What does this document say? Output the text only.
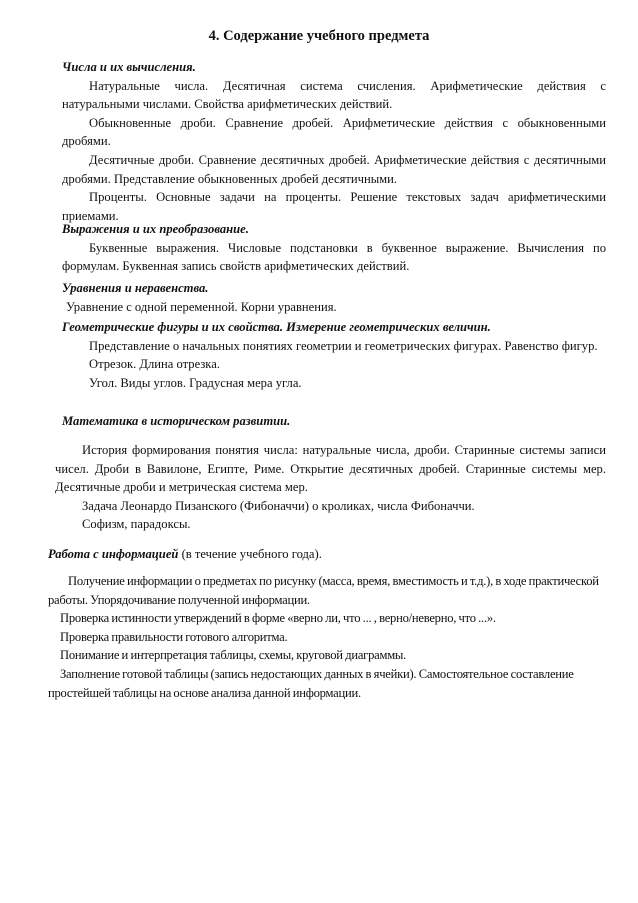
4. Содержание учебного предмета
Числа и их вычисления.
Натуральные числа. Десятичная система счисления. Арифметические действия с натуральными числами. Свойства арифметических действий.
Обыкновенные дроби. Сравнение дробей. Арифметические действия с обыкновенными дробями.
Десятичные дроби. Сравнение десятичных дробей. Арифметические действия с десятичными дробями. Представление обыкновенных дробей десятичными.
Проценты. Основные задачи на проценты. Решение текстовых задач арифметическими приемами.
Выражения и их преобразование.
Буквенные выражения. Числовые подстановки в буквенное выражение. Вычисления по формулам. Буквенная запись свойств арифметических действий.
Уравнения и неравенства.
Уравнение с одной переменной. Корни уравнения.
Геометрические фигуры и их свойства. Измерение геометрических величин.
Представление о начальных понятиях геометрии и геометрических фигурах. Равенство фигур.
Отрезок. Длина отрезка.
Угол. Виды углов. Градусная мера угла.
Математика в историческом развитии.
История формирования понятия числа: натуральные числа, дроби. Старинные системы записи чисел. Дроби в Вавилоне, Египте, Риме. Открытие десятичных дробей. Старинные системы мер. Десятичные дроби и метрическая система мер.
Задача Леонардо Пизанского (Фибоначчи) о кроликах, числа Фибоначчи.
Софизм, парадоксы.
Работа с информацией (в течение учебного года).
Получение информации о предметах по рисунку (масса, время, вместимость и т.д.), в ходе практической работы. Упорядочивание полученной информации.
Проверка истинности утверждений в форме «верно ли, что ... , верно/неверно, что ...».
Проверка правильности готового алгоритма.
Понимание и интерпретация таблицы, схемы, круговой диаграммы.
Заполнение готовой таблицы (запись недостающих данных в ячейки). Самостоятельное составление простейшей таблицы на основе анализа данной информации.
